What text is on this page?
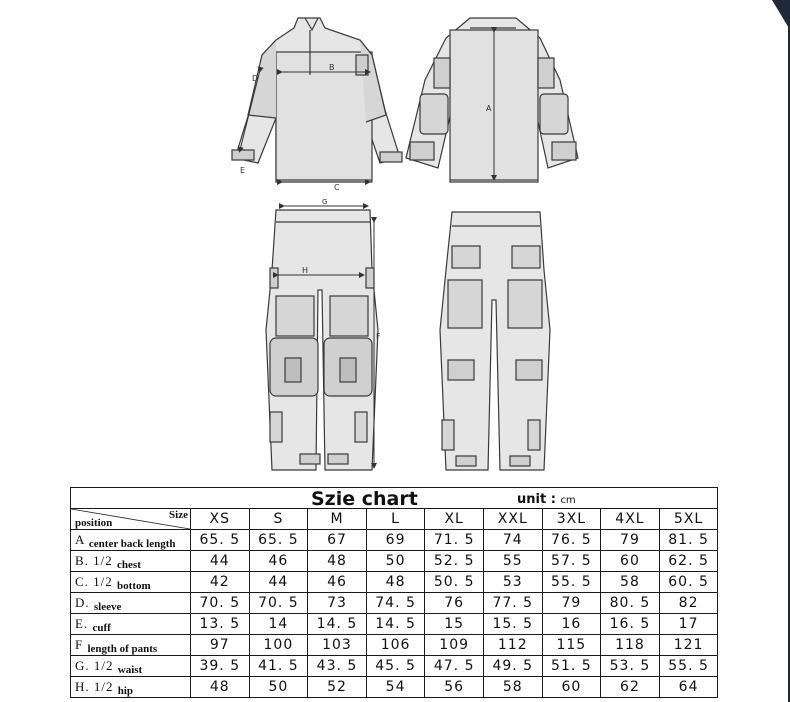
B
C
D
E
A
G
H
F
Szie chart unit : cm									

Size
position	XS	S	M	L	XL	XXL	3XL	4XL	5XL
A center back length	65. 5	65. 5	67	69	71. 5	74	76. 5	79	81. 5
B. 1/2 chest	44	46	48	50	52. 5	55	57. 5	60	62. 5
C. 1/2 bottom	42	44	46	48	50. 5	53	55. 5	58	60. 5
D. sleeve	70. 5	70. 5	73	74. 5	76	77. 5	79	80. 5	82
E. cuff	13. 5	14	14. 5	14. 5	15	15. 5	16	16. 5	17
F length of pants	97	100	103	106	109	112	115	118	121
G. 1/2 waist	39. 5	41. 5	43. 5	45. 5	47. 5	49. 5	51. 5	53. 5	55. 5
H. 1/2 hip	48	50	52	54	56	58	60	62	64
